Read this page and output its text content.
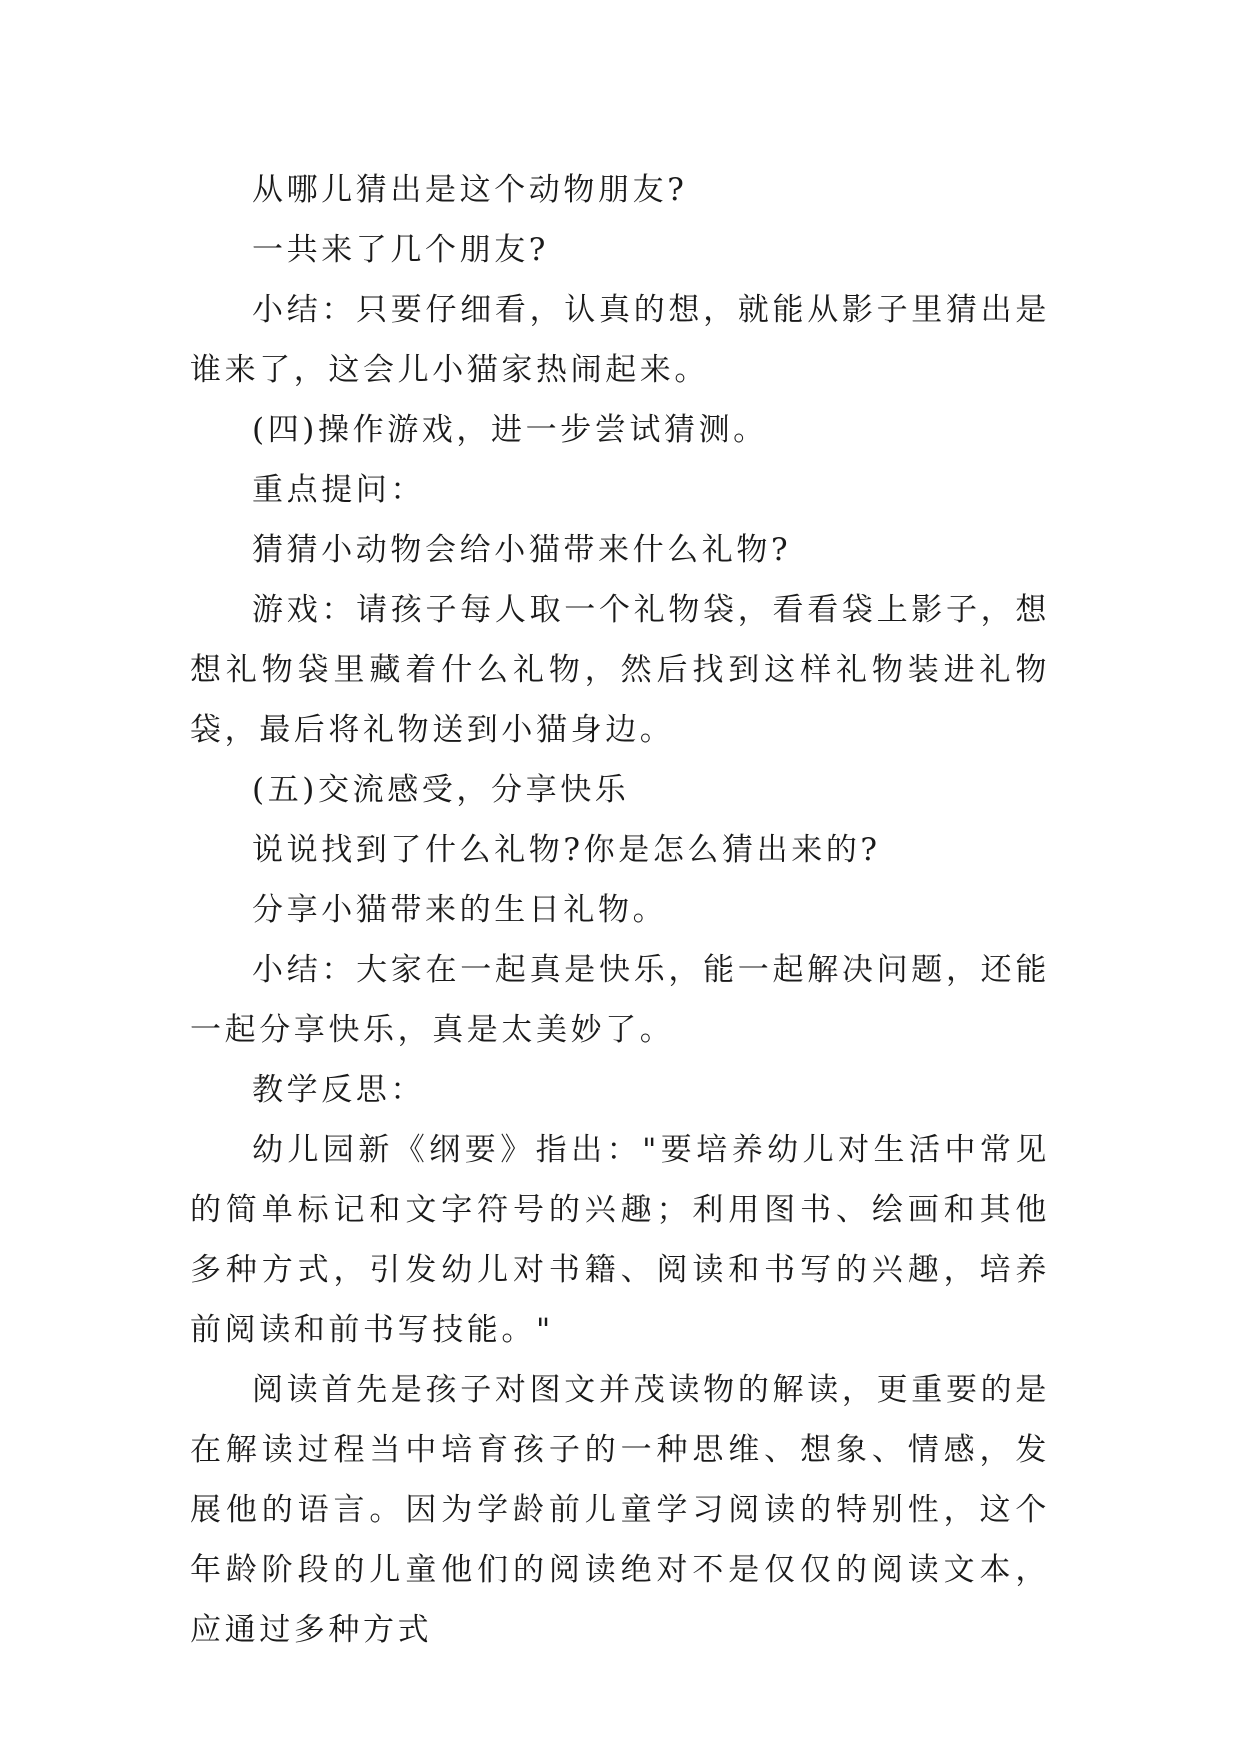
从哪儿猜出是这个动物朋友?

一共来了几个朋友?

小结：只要仔细看，认真的想，就能从影子里猜出是谁来了，这会儿小猫家热闹起来。

(四)操作游戏，进一步尝试猜测。

重点提问：

猜猜小动物会给小猫带来什么礼物?

游戏：请孩子每人取一个礼物袋，看看袋上影子，想想礼物袋里藏着什么礼物，然后找到这样礼物装进礼物袋，最后将礼物送到小猫身边。

(五)交流感受，分享快乐

说说找到了什么礼物?你是怎么猜出来的?

分享小猫带来的生日礼物。

小结：大家在一起真是快乐，能一起解决问题，还能一起分享快乐，真是太美妙了。

教学反思：

幼儿园新《纲要》指出："要培养幼儿对生活中常见的简单标记和文字符号的兴趣；利用图书、绘画和其他多种方式，引发幼儿对书籍、阅读和书写的兴趣，培养前阅读和前书写技能。"

阅读首先是孩子对图文并茂读物的解读，更重要的是在解读过程当中培育孩子的一种思维、想象、情感，发展他的语言。因为学龄前儿童学习阅读的特别性，这个年龄阶段的儿童他们的阅读绝对不是仅仅的阅读文本，应通过多种方式
